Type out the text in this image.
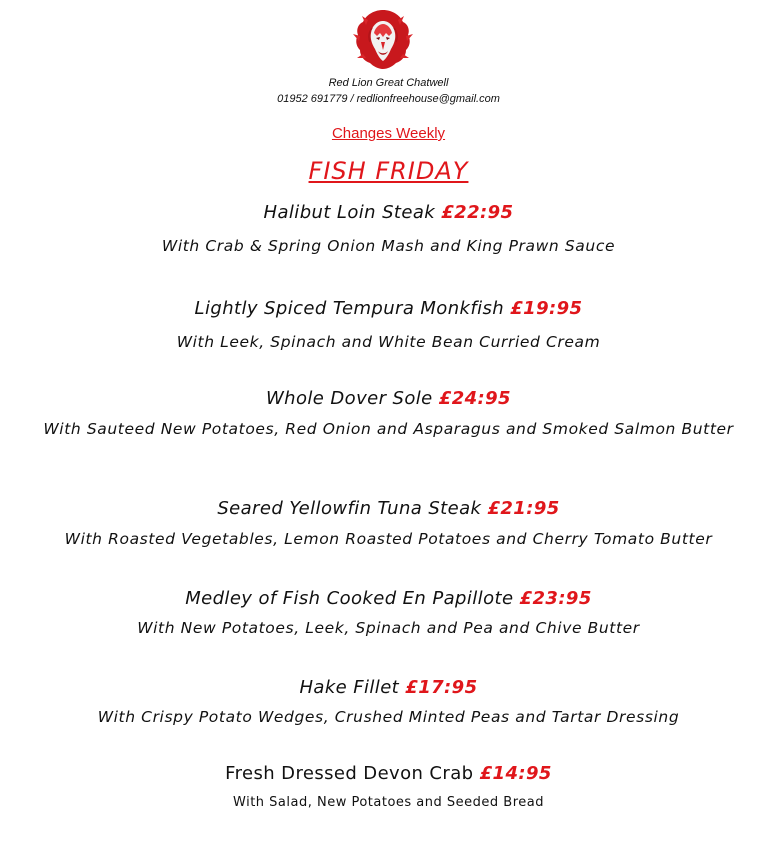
Red Lion Great Chatwell
01952 691779 / redlionfreehouse@gmail.com
Changes Weekly
FISH FRIDAY
Halibut Loin Steak £22:95
With Crab & Spring Onion Mash and King Prawn Sauce
Lightly Spiced Tempura Monkfish £19:95
With Leek, Spinach and White Bean Curried Cream
Whole Dover Sole £24:95
With Sauteed New Potatoes, Red Onion and Asparagus and Smoked Salmon Butter
Seared Yellowfin Tuna Steak £21:95
With Roasted Vegetables, Lemon Roasted Potatoes and Cherry Tomato Butter
Medley of Fish Cooked En Papillote £23:95
With New Potatoes, Leek, Spinach and Pea and Chive Butter
Hake Fillet £17:95
With Crispy Potato Wedges, Crushed Minted Peas and Tartar Dressing
Fresh Dressed Devon Crab £14:95
With Salad, New Potatoes and Seeded Bread
